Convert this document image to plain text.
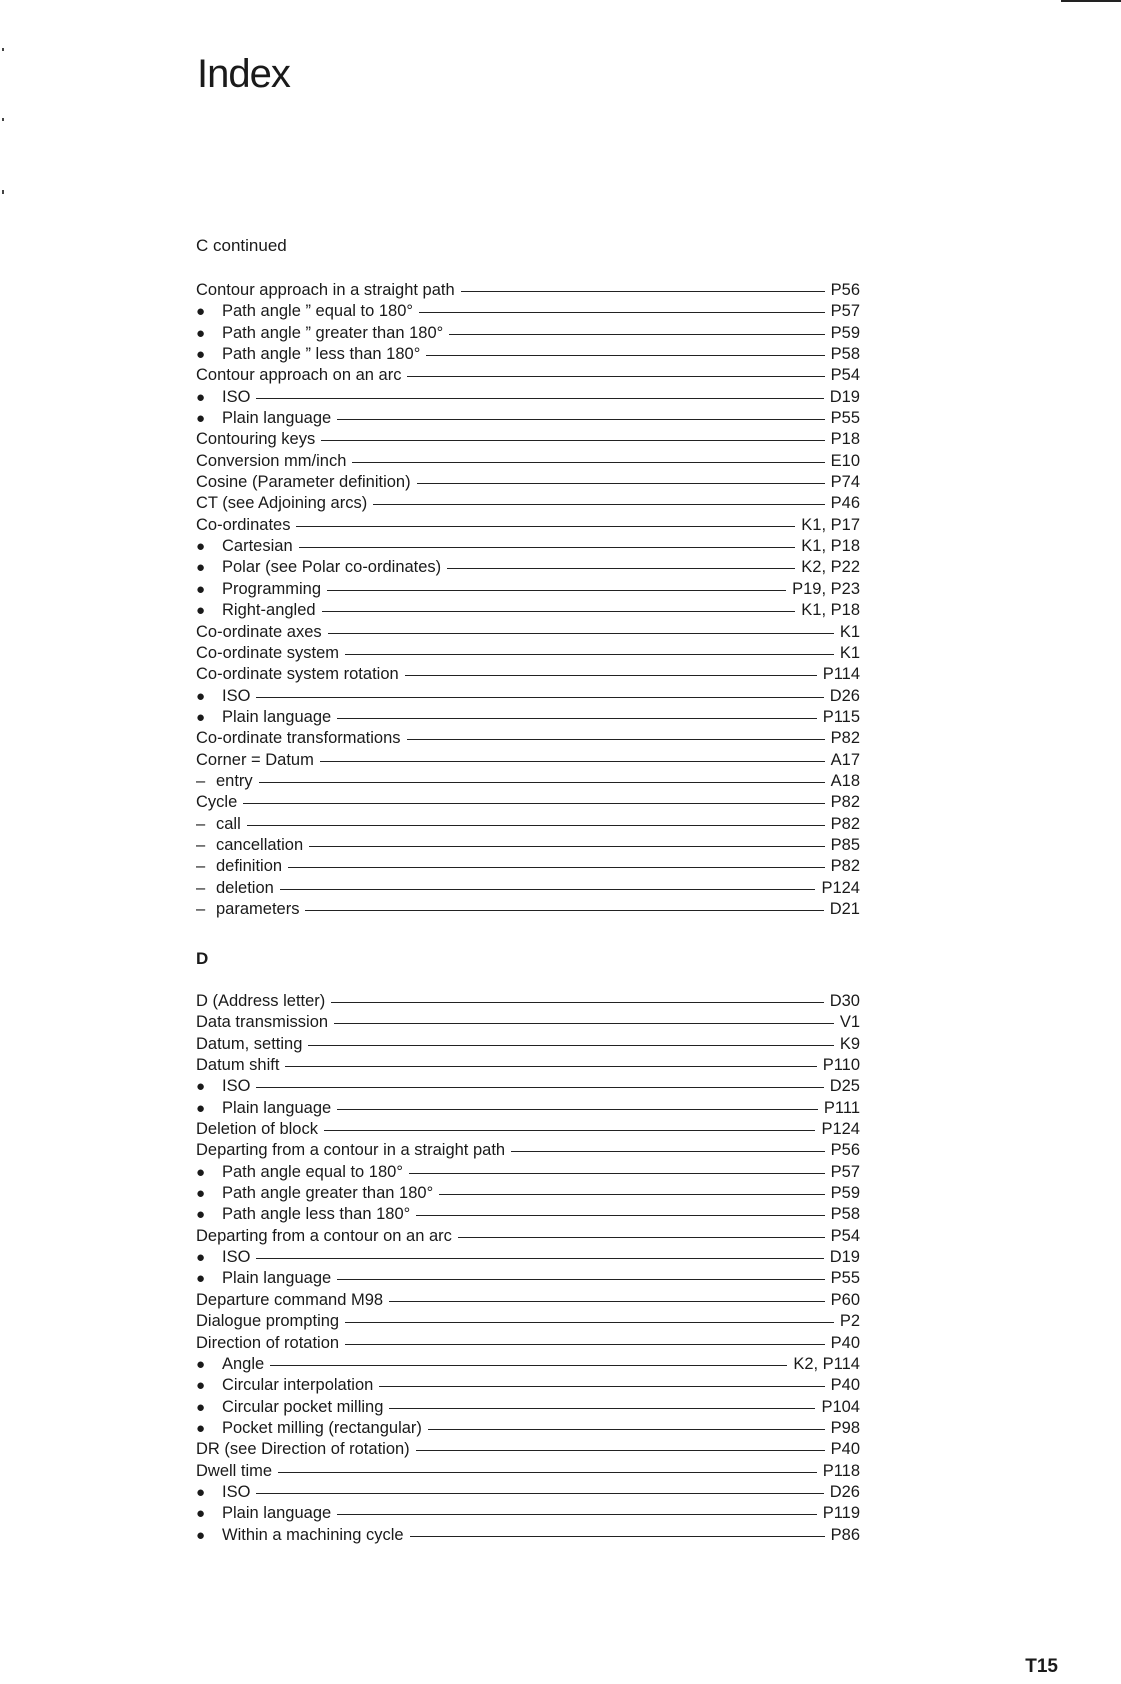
Index
C continued
Contour approach in a straight path	P56
●	Path angle ” equal to 180°	P57
●	Path angle ” greater than 180°	P59
●	Path angle ” less than 180°	P58
Contour approach on an arc	P54
●	ISO	D19
●	Plain language	P55
Contouring keys	P18
Conversion mm/inch	E10
Cosine (Parameter definition)	P74
CT (see Adjoining arcs)	P46
Co-ordinates	K1, P17
●	Cartesian	K1, P18
●	Polar (see Polar co-ordinates)	K2, P22
●	Programming	P19, P23
●	Right-angled	K1, P18
Co-ordinate axes	K1
Co-ordinate system	K1
Co-ordinate system rotation	P114
●	ISO	D26
●	Plain language	P115
Co-ordinate transformations	P82
Corner = Datum	A17
– entry	A18
Cycle	P82
– call	P82
– cancellation	P85
– definition	P82
– deletion	P124
– parameters	D21
D
D (Address letter)	D30
Data transmission	V1
Datum, setting	K9
Datum shift	P110
●	ISO	D25
●	Plain language	P111
Deletion of block	P124
Departing from a contour in a straight path	P56
●	Path angle equal to 180°	P57
●	Path angle greater than 180°	P59
●	Path angle less than 180°	P58
Departing from a contour on an arc	P54
●	ISO	D19
●	Plain language	P55
Departure command M98	P60
Dialogue prompting	P2
Direction of rotation	P40
●	Angle	K2, P114
●	Circular interpolation	P40
●	Circular pocket milling	P104
●	Pocket milling (rectangular)	P98
DR (see Direction of rotation)	P40
Dwell time	P118
●	ISO	D26
●	Plain language	P119
●	Within a machining cycle	P86
T15
